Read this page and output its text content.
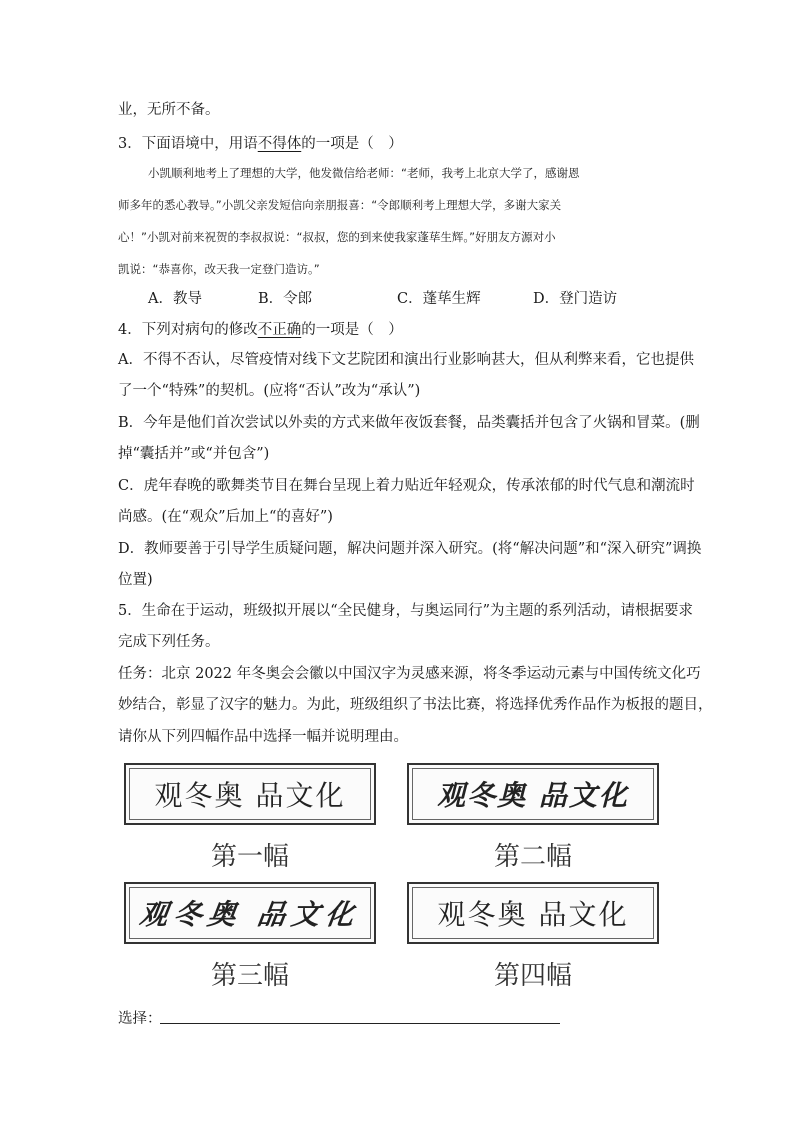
业，无所不备。
3．下面语境中，用语不得体的一项是（　）
小凯顺利地考上了理想的大学，他发微信给老师：“老师，我考上北京大学了，感谢恩
师多年的悉心教导。”小凯父亲发短信向亲朋报喜：“令郎顺利考上理想大学，多谢大家关
心！”小凯对前来祝贺的李叔叔说：“叔叔，您的到来使我家蓬荜生辉。”好朋友方源对小
凯说：“恭喜你，改天我一定登门造访。”
A．教导	B．令郎	C．蓬荜生辉	D．登门造访
4．下列对病句的修改不正确的一项是（　）
A．不得不否认，尽管疫情对线下文艺院团和演出行业影响甚大，但从利弊来看，它也提供
了一个“特殊”的契机。(应将“否认”改为“承认”)
B．今年是他们首次尝试以外卖的方式来做年夜饭套餐，品类囊括并包含了火锅和冒菜。(删
掉“囊括并”或“并包含”)
C．虎年春晚的歌舞类节目在舞台呈现上着力贴近年轻观众，传承浓郁的时代气息和潮流时
尚感。(在“观众”后加上“的喜好”)
D．教师要善于引导学生质疑问题，解决问题并深入研究。(将“解决问题”和“深入研究”调换
位置)
5．生命在于运动，班级拟开展以“全民健身，与奥运同行”为主题的系列活动，请根据要求
完成下列任务。
任务：北京 2022 年冬奥会会徽以中国汉字为灵感来源，将冬季运动元素与中国传统文化巧
妙结合，彰显了汉字的魅力。为此，班级组织了书法比赛，将选择优秀作品作为板报的题目，
请你从下列四幅作品中选择一幅并说明理由。
观冬奥 品文化
第一幅
观冬奥 品文化
第二幅
观冬奥 品文化
第三幅
观冬奥 品文化
第四幅
选择：
